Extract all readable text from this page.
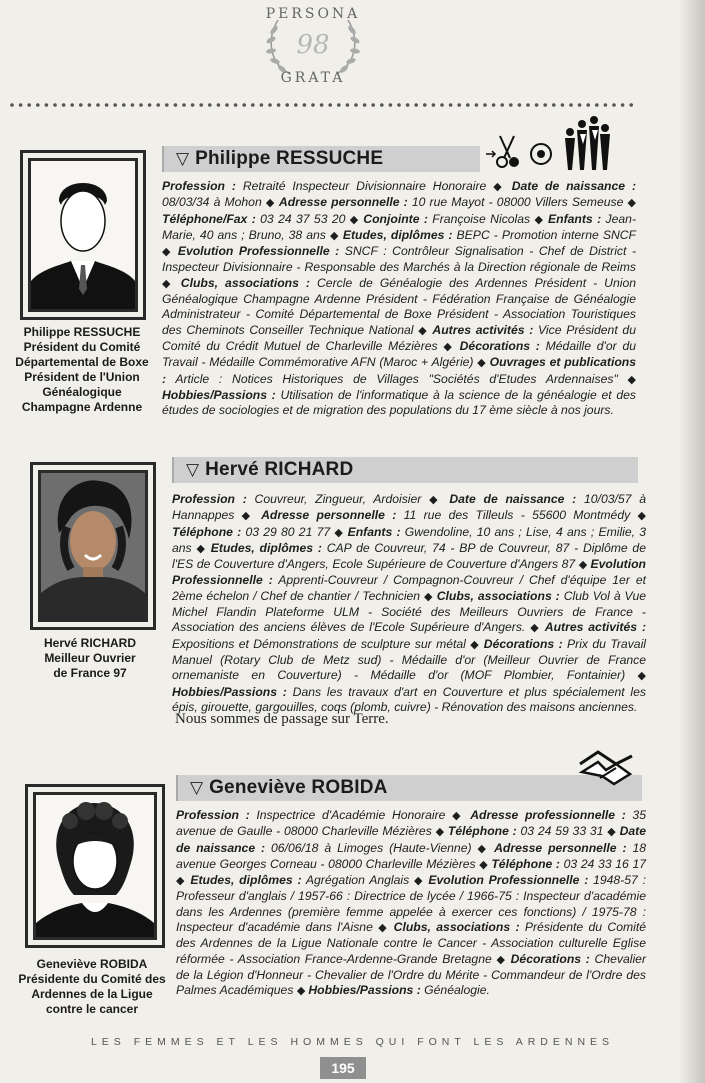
PERSONA
98
GRATA
Philippe RESSUCHE
Président du Comité
Départemental de Boxe
Président de l'Union
Généalogique
Champagne Ardenne
▽ Philippe RESSUCHE
Profession : Retraité Inspecteur Divisionnaire Honoraire ◆ Date de naissance : 08/03/34 à Mohon ◆ Adresse personnelle : 10 rue Mayot - 08000 Villers Semeuse ◆ Téléphone/Fax : 03 24 37 53 20 ◆ Conjointe : Françoise Nicolas ◆ Enfants : Jean-Marie, 40 ans ; Bruno, 38 ans ◆ Etudes, diplômes : BEPC - Promotion interne SNCF ◆ Evolution Professionnelle : SNCF : Contrôleur Signalisation - Chef de District - Inspecteur Divisionnaire - Responsable des Marchés à la Direction régionale de Reims ◆ Clubs, associations : Cercle de Généalogie des Ardennes Président - Union Généalogique Champagne Ardenne Président - Fédération Française de Généalogie Administrateur - Comité Départemental de Boxe Président - Association Touristiques des Cheminots Conseiller Technique National ◆ Autres activités : Vice Président du Comité du Crédit Mutuel de Charleville Mézières ◆ Décorations : Médaille d'or du Travail - Médaille Commémorative AFN (Maroc + Algérie) ◆ Ouvrages et publications : Article : Notices Historiques de Villages "Sociétés d'Etudes Ardennaises" ◆ Hobbies/Passions : Utilisation de l'informatique à la science de la généalogie et des études de sociologies et de migration des populations du 17 ème siècle à nos jours.
Hervé RICHARD
Meilleur Ouvrier
de France 97
▽ Hervé RICHARD
Profession : Couvreur, Zingueur, Ardoisier ◆ Date de naissance : 10/03/57 à Hannappes ◆ Adresse personnelle : 11 rue des Tilleuls - 55600 Montmédy ◆ Téléphone : 03 29 80 21 77 ◆ Enfants : Gwendoline, 10 ans ; Lise, 4 ans ; Emilie, 3 ans ◆ Etudes, diplômes : CAP de Couvreur, 74 - BP de Couvreur, 87 - Diplôme de l'ES de Couverture d'Angers, Ecole Supérieure de Couverture d'Angers 87 ◆ Evolution Professionnelle : Apprenti-Couvreur / Compagnon-Couvreur / Chef d'équipe 1er et 2ème échelon / Chef de chantier / Technicien ◆ Clubs, associations : Club Vol à Vue Michel Flandin Plateforme ULM - Société des Meilleurs Ouvriers de France - Association des anciens élèves de l'Ecole Supérieure d'Angers. ◆ Autres activités : Expositions et Démonstrations de sculpture sur métal ◆ Décorations : Prix du Travail Manuel (Rotary Club de Metz sud) - Médaille d'or (Meilleur Ouvrier de France ornemaniste en Couverture) - Médaille d'or (MOF Plombier, Fontainier) ◆ Hobbies/Passions : Dans les travaux d'art en Couverture et plus spécialement les épis, girouette, gargouilles, coqs (plomb, cuivre) - Rénovation des maisons anciennes.
Nous sommes de passage sur Terre.
Geneviève ROBIDA
Présidente du Comité des
Ardennes de la Ligue
contre le cancer
▽ Geneviève ROBIDA
Profession : Inspectrice d'Académie Honoraire ◆ Adresse professionnelle : 35 avenue de Gaulle - 08000 Charleville Mézières ◆ Téléphone : 03 24 59 33 31 ◆ Date de naissance : 06/06/18 à Limoges (Haute-Vienne) ◆ Adresse personnelle : 18 avenue Georges Corneau - 08000 Charleville Mézières ◆ Téléphone : 03 24 33 16 17 ◆ Etudes, diplômes : Agrégation Anglais ◆ Evolution Professionnelle : 1948-57 : Professeur d'anglais / 1957-66 : Directrice de lycée / 1966-75 : Inspecteur d'académie dans les Ardennes (première femme appelée à exercer ces fonctions) / 1975-78 : Inspecteur d'académie dans l'Aisne ◆ Clubs, associations : Présidente du Comité des Ardennes de la Ligue Nationale contre le Cancer - Association culturelle Eglise réformée - Association France-Ardenne-Grande Bretagne ◆ Décorations : Chevalier de la Légion d'Honneur - Chevalier de l'Ordre du Mérite - Commandeur de l'Ordre des Palmes Académiques ◆ Hobbies/Passions : Généalogie.
LES FEMMES ET LES HOMMES QUI FONT LES ARDENNES
195
